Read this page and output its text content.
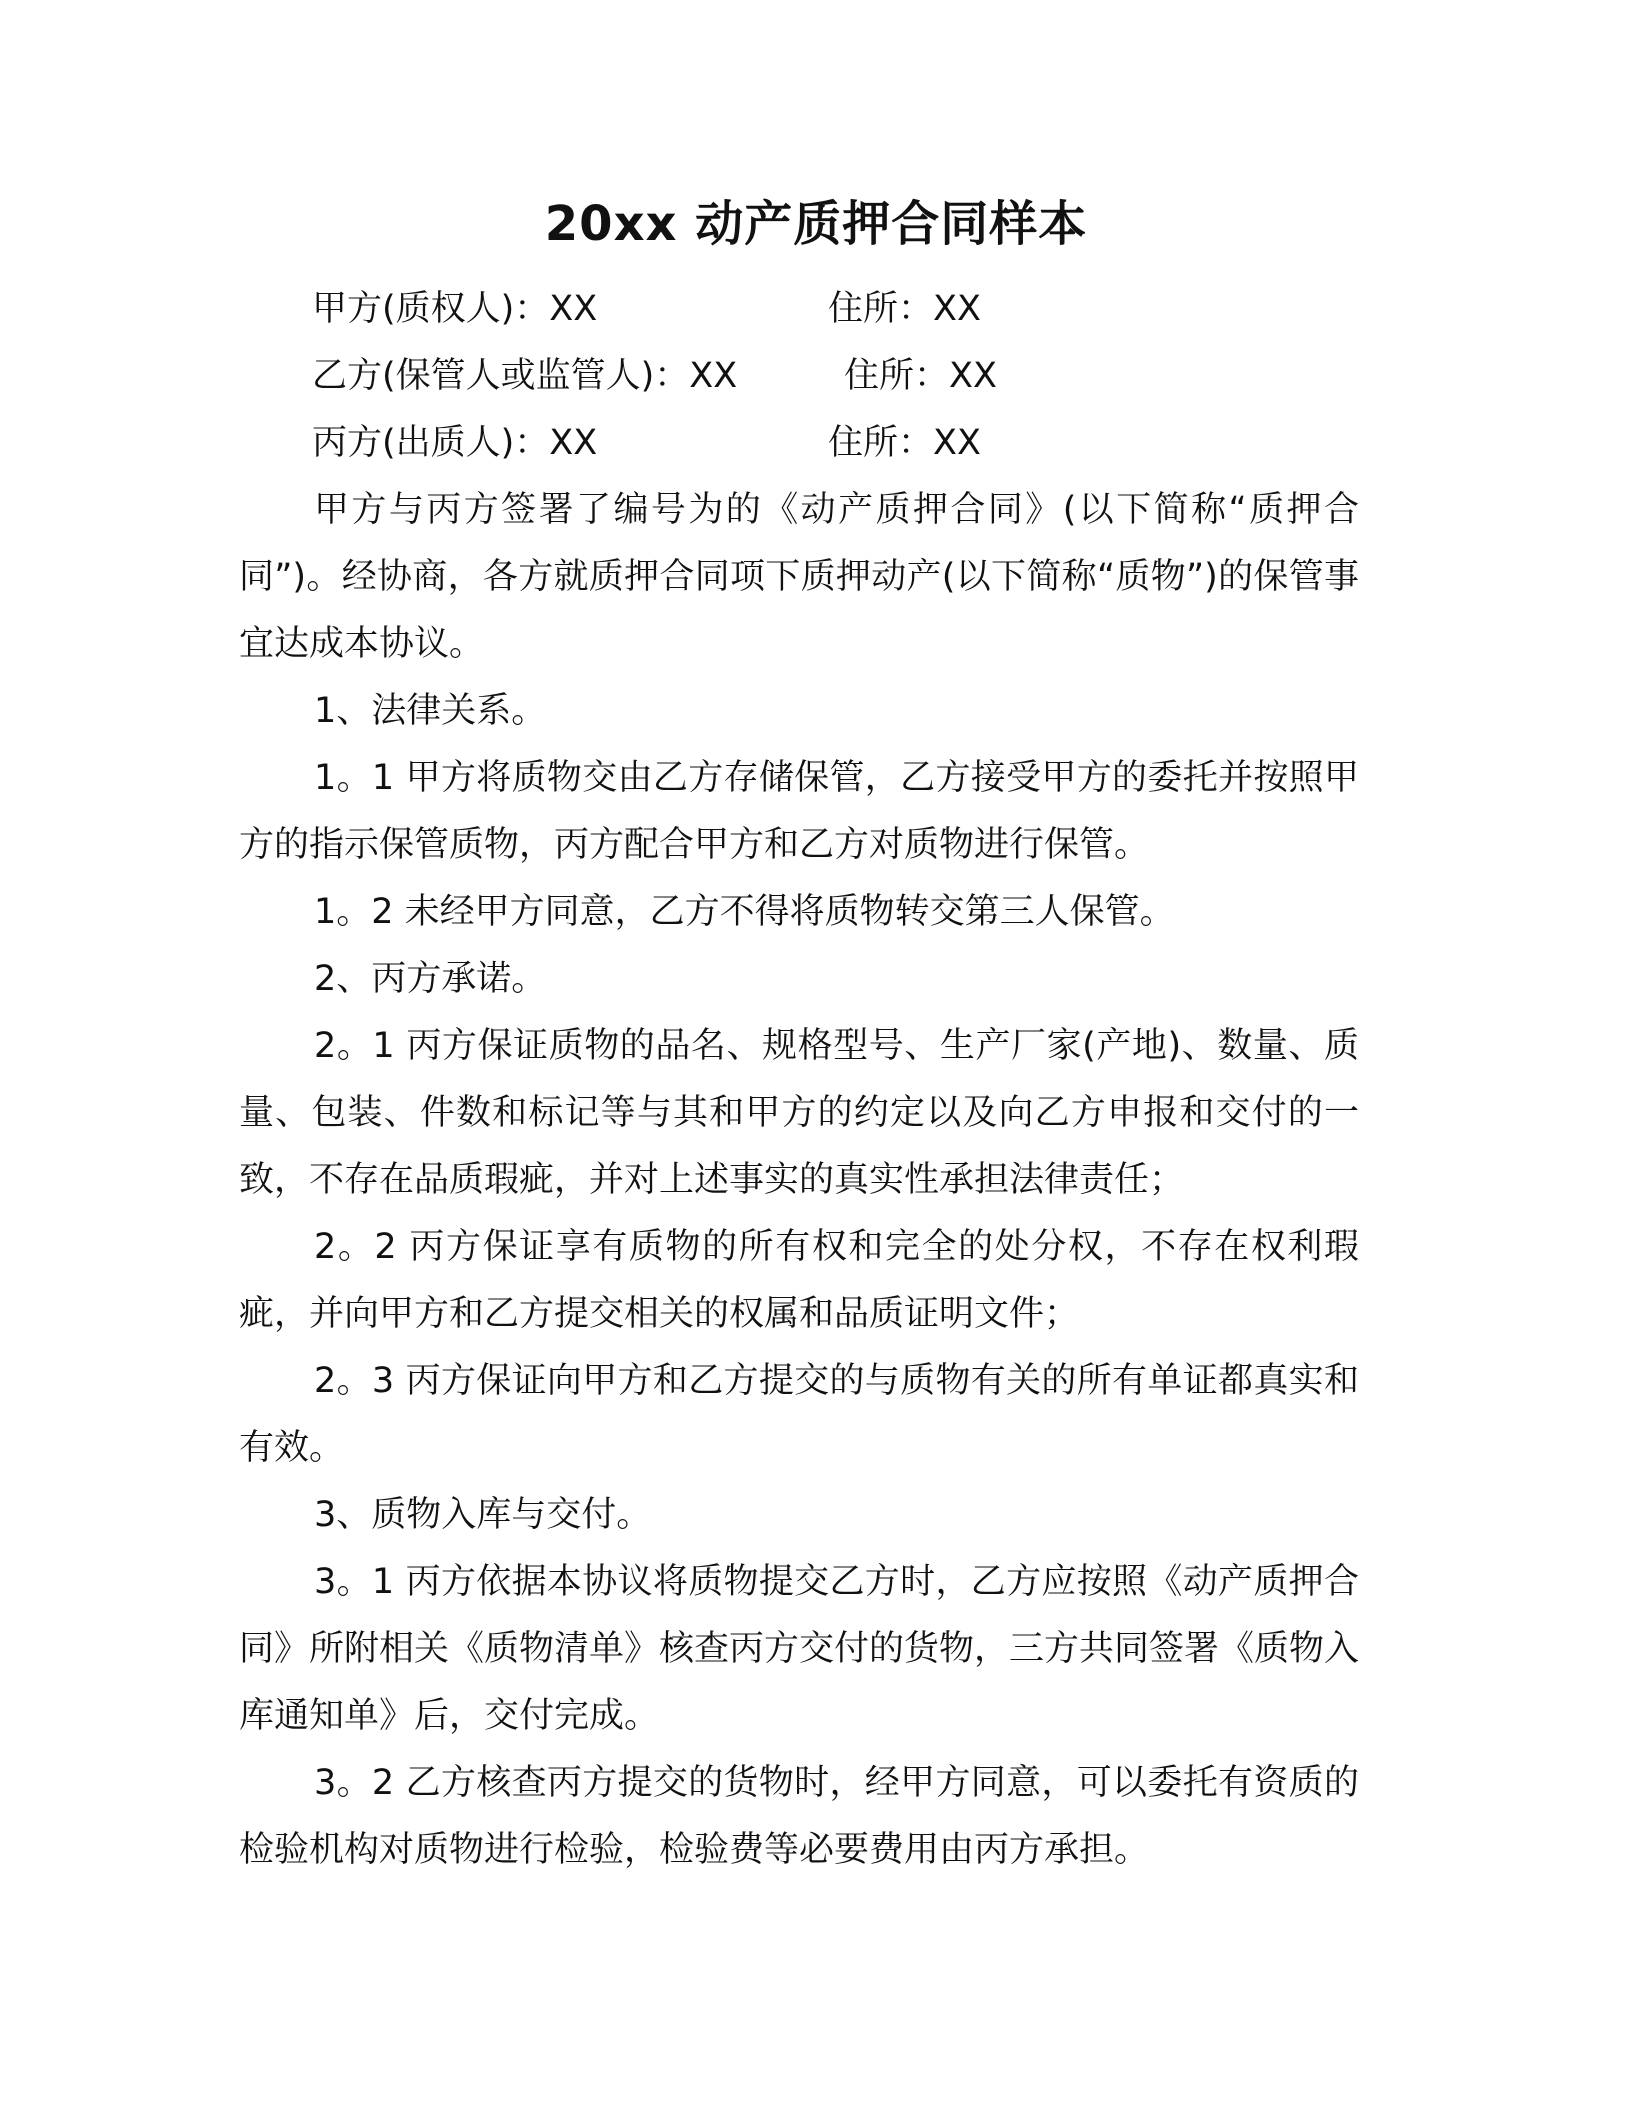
20xx 动产质押合同样本
甲方(质权人)：XX	住所：XX
乙方(保管人或监管人)：XX	住所：XX
丙方(出质人)：XX	住所：XX

甲方与丙方签署了编号为的《动产质押合同》(以下简称“质押合同”)。经协商，各方就质押合同项下质押动产(以下简称“质物”)的保管事宜达成本协议。

1、法律关系。

1。1 甲方将质物交由乙方存储保管，乙方接受甲方的委托并按照甲方的指示保管质物，丙方配合甲方和乙方对质物进行保管。

1。2 未经甲方同意，乙方不得将质物转交第三人保管。

2、丙方承诺。

2。1 丙方保证质物的品名、规格型号、生产厂家(产地)、数量、质量、包装、件数和标记等与其和甲方的约定以及向乙方申报和交付的一致，不存在品质瑕疵，并对上述事实的真实性承担法律责任；

2。2 丙方保证享有质物的所有权和完全的处分权，不存在权利瑕疵，并向甲方和乙方提交相关的权属和品质证明文件；

2。3 丙方保证向甲方和乙方提交的与质物有关的所有单证都真实和有效。

3、质物入库与交付。

3。1 丙方依据本协议将质物提交乙方时，乙方应按照《动产质押合同》所附相关《质物清单》核查丙方交付的货物，三方共同签署《质物入库通知单》后，交付完成。

3。2 乙方核查丙方提交的货物时，经甲方同意，可以委托有资质的检验机构对质物进行检验，检验费等必要费用由丙方承担。
